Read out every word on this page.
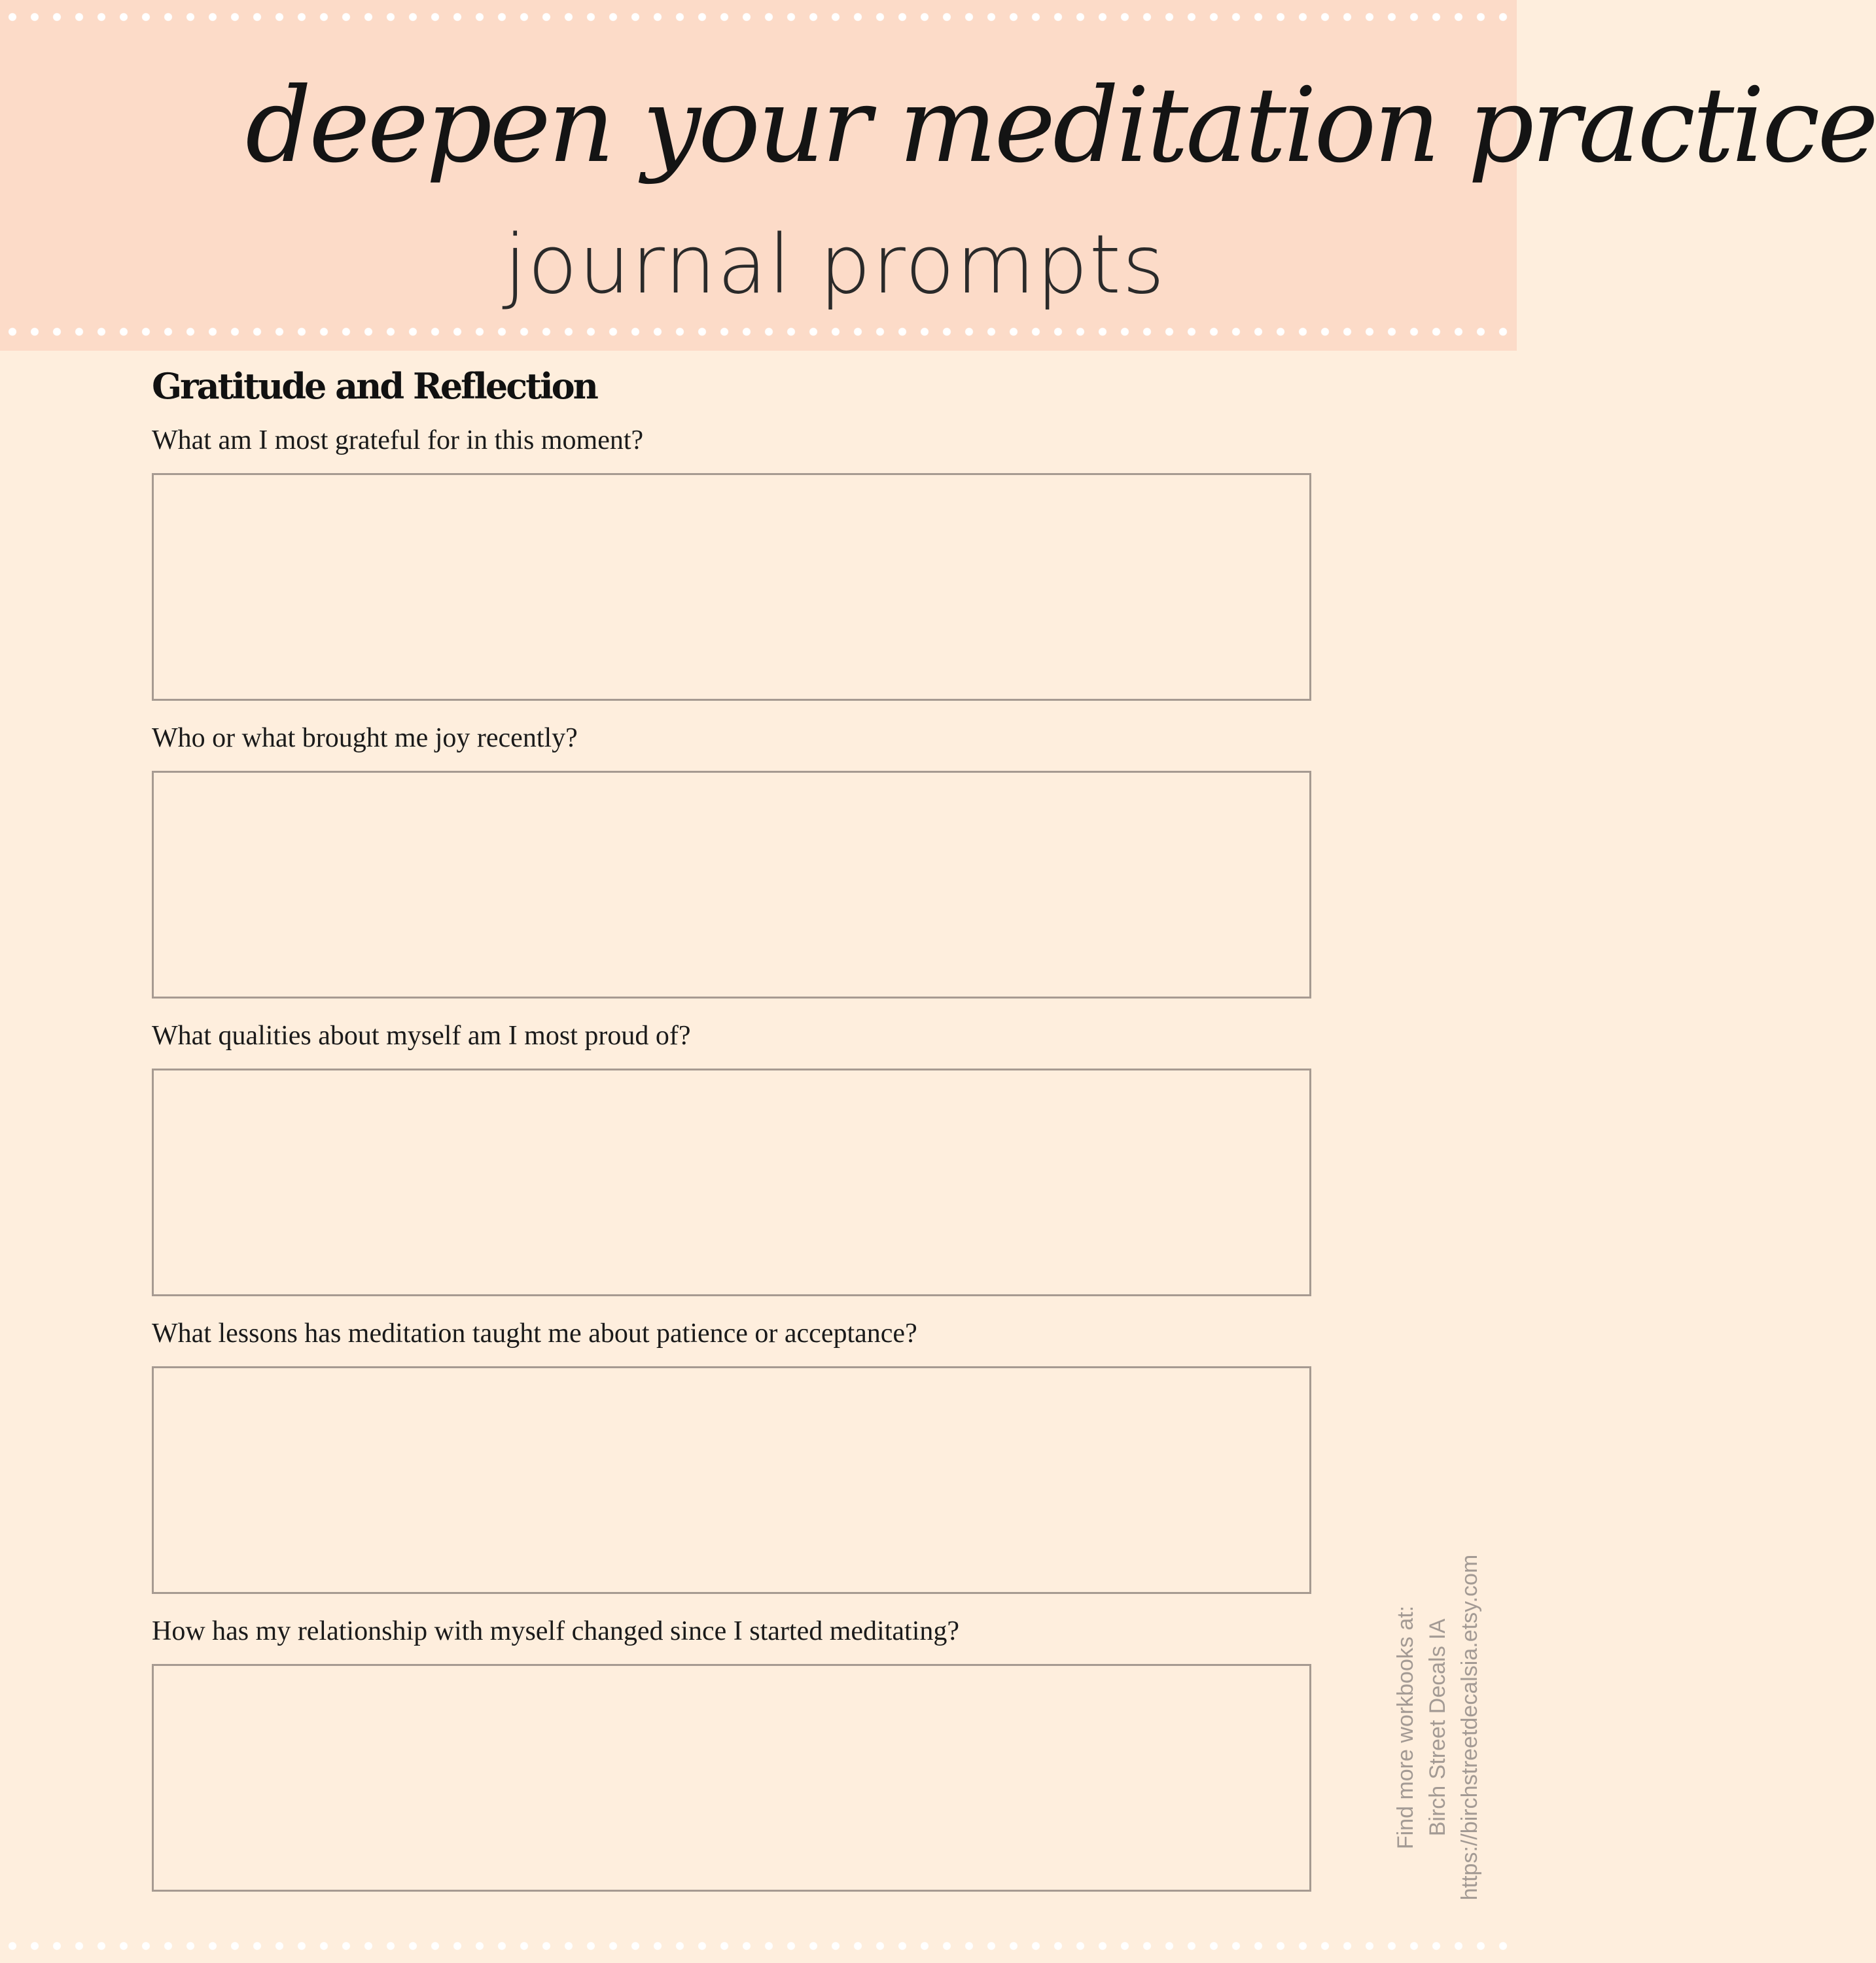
deepen your meditation practice
journal prompts
Gratitude and Reflection

What am I most grateful for in this moment?

Who or what brought me joy recently?

What qualities about myself am I most proud of?

What lessons has meditation taught me about patience or acceptance?

How has my relationship with myself changed since I started meditating?	Find more workbooks at: Birch Street Decals IA https://birchstreetdecalsia.etsy.com
